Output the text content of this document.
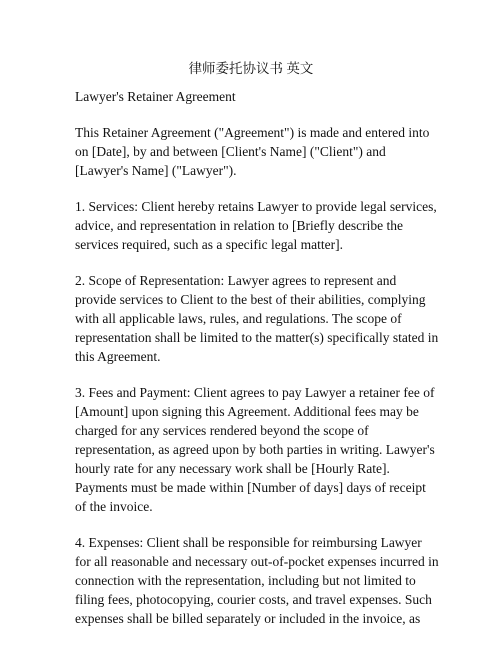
律师委托协议书 英文
Lawyer's Retainer Agreement
This Retainer Agreement ("Agreement") is made and entered into
on [Date], by and between [Client's Name] ("Client") and
[Lawyer's Name] ("Lawyer").
1. Services: Client hereby retains Lawyer to provide legal services,
advice, and representation in relation to [Briefly describe the
services required, such as a specific legal matter].
2. Scope of Representation: Lawyer agrees to represent and
provide services to Client to the best of their abilities, complying
with all applicable laws, rules, and regulations. The scope of
representation shall be limited to the matter(s) specifically stated in
this Agreement.
3. Fees and Payment: Client agrees to pay Lawyer a retainer fee of
[Amount] upon signing this Agreement. Additional fees may be
charged for any services rendered beyond the scope of
representation, as agreed upon by both parties in writing. Lawyer's
hourly rate for any necessary work shall be [Hourly Rate].
Payments must be made within [Number of days] days of receipt
of the invoice.
4. Expenses: Client shall be responsible for reimbursing Lawyer
for all reasonable and necessary out-of-pocket expenses incurred in
connection with the representation, including but not limited to
filing fees, photocopying, courier costs, and travel expenses. Such
expenses shall be billed separately or included in the invoice, as
